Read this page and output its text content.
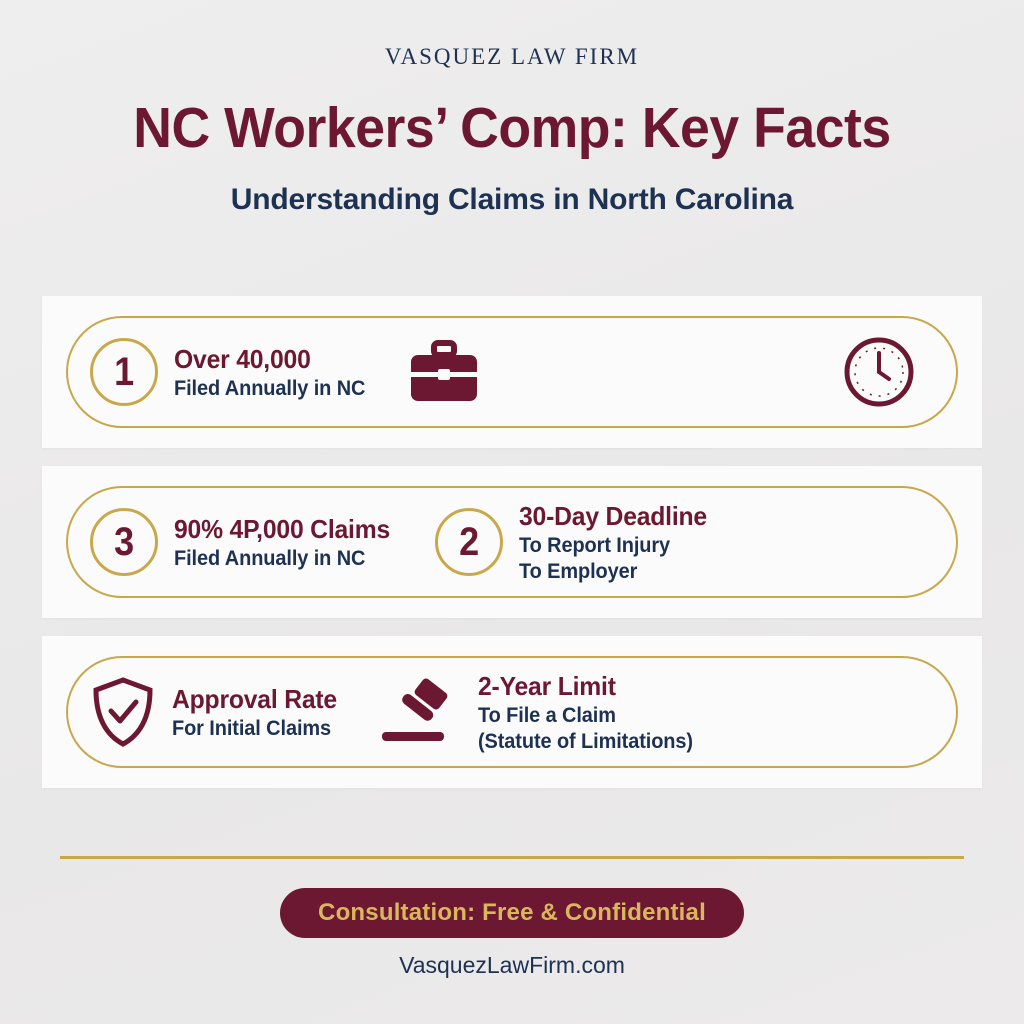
VASQUEZ LAW FIRM
NC Workers’ Comp: Key Facts
Understanding Claims in North Carolina
1 Over 40,000
Filed Annually in NC
3 90% 4P,000 Claims
Filed Annually in NC	2
30-Day Deadline
To Report Injury
To Employer
Approval Rate
For Initial Claims
2-Year Limit
To File a Claim
(Statute of Limitations)
Consultation: Free & Confidential
VasquezLawFirm.com
